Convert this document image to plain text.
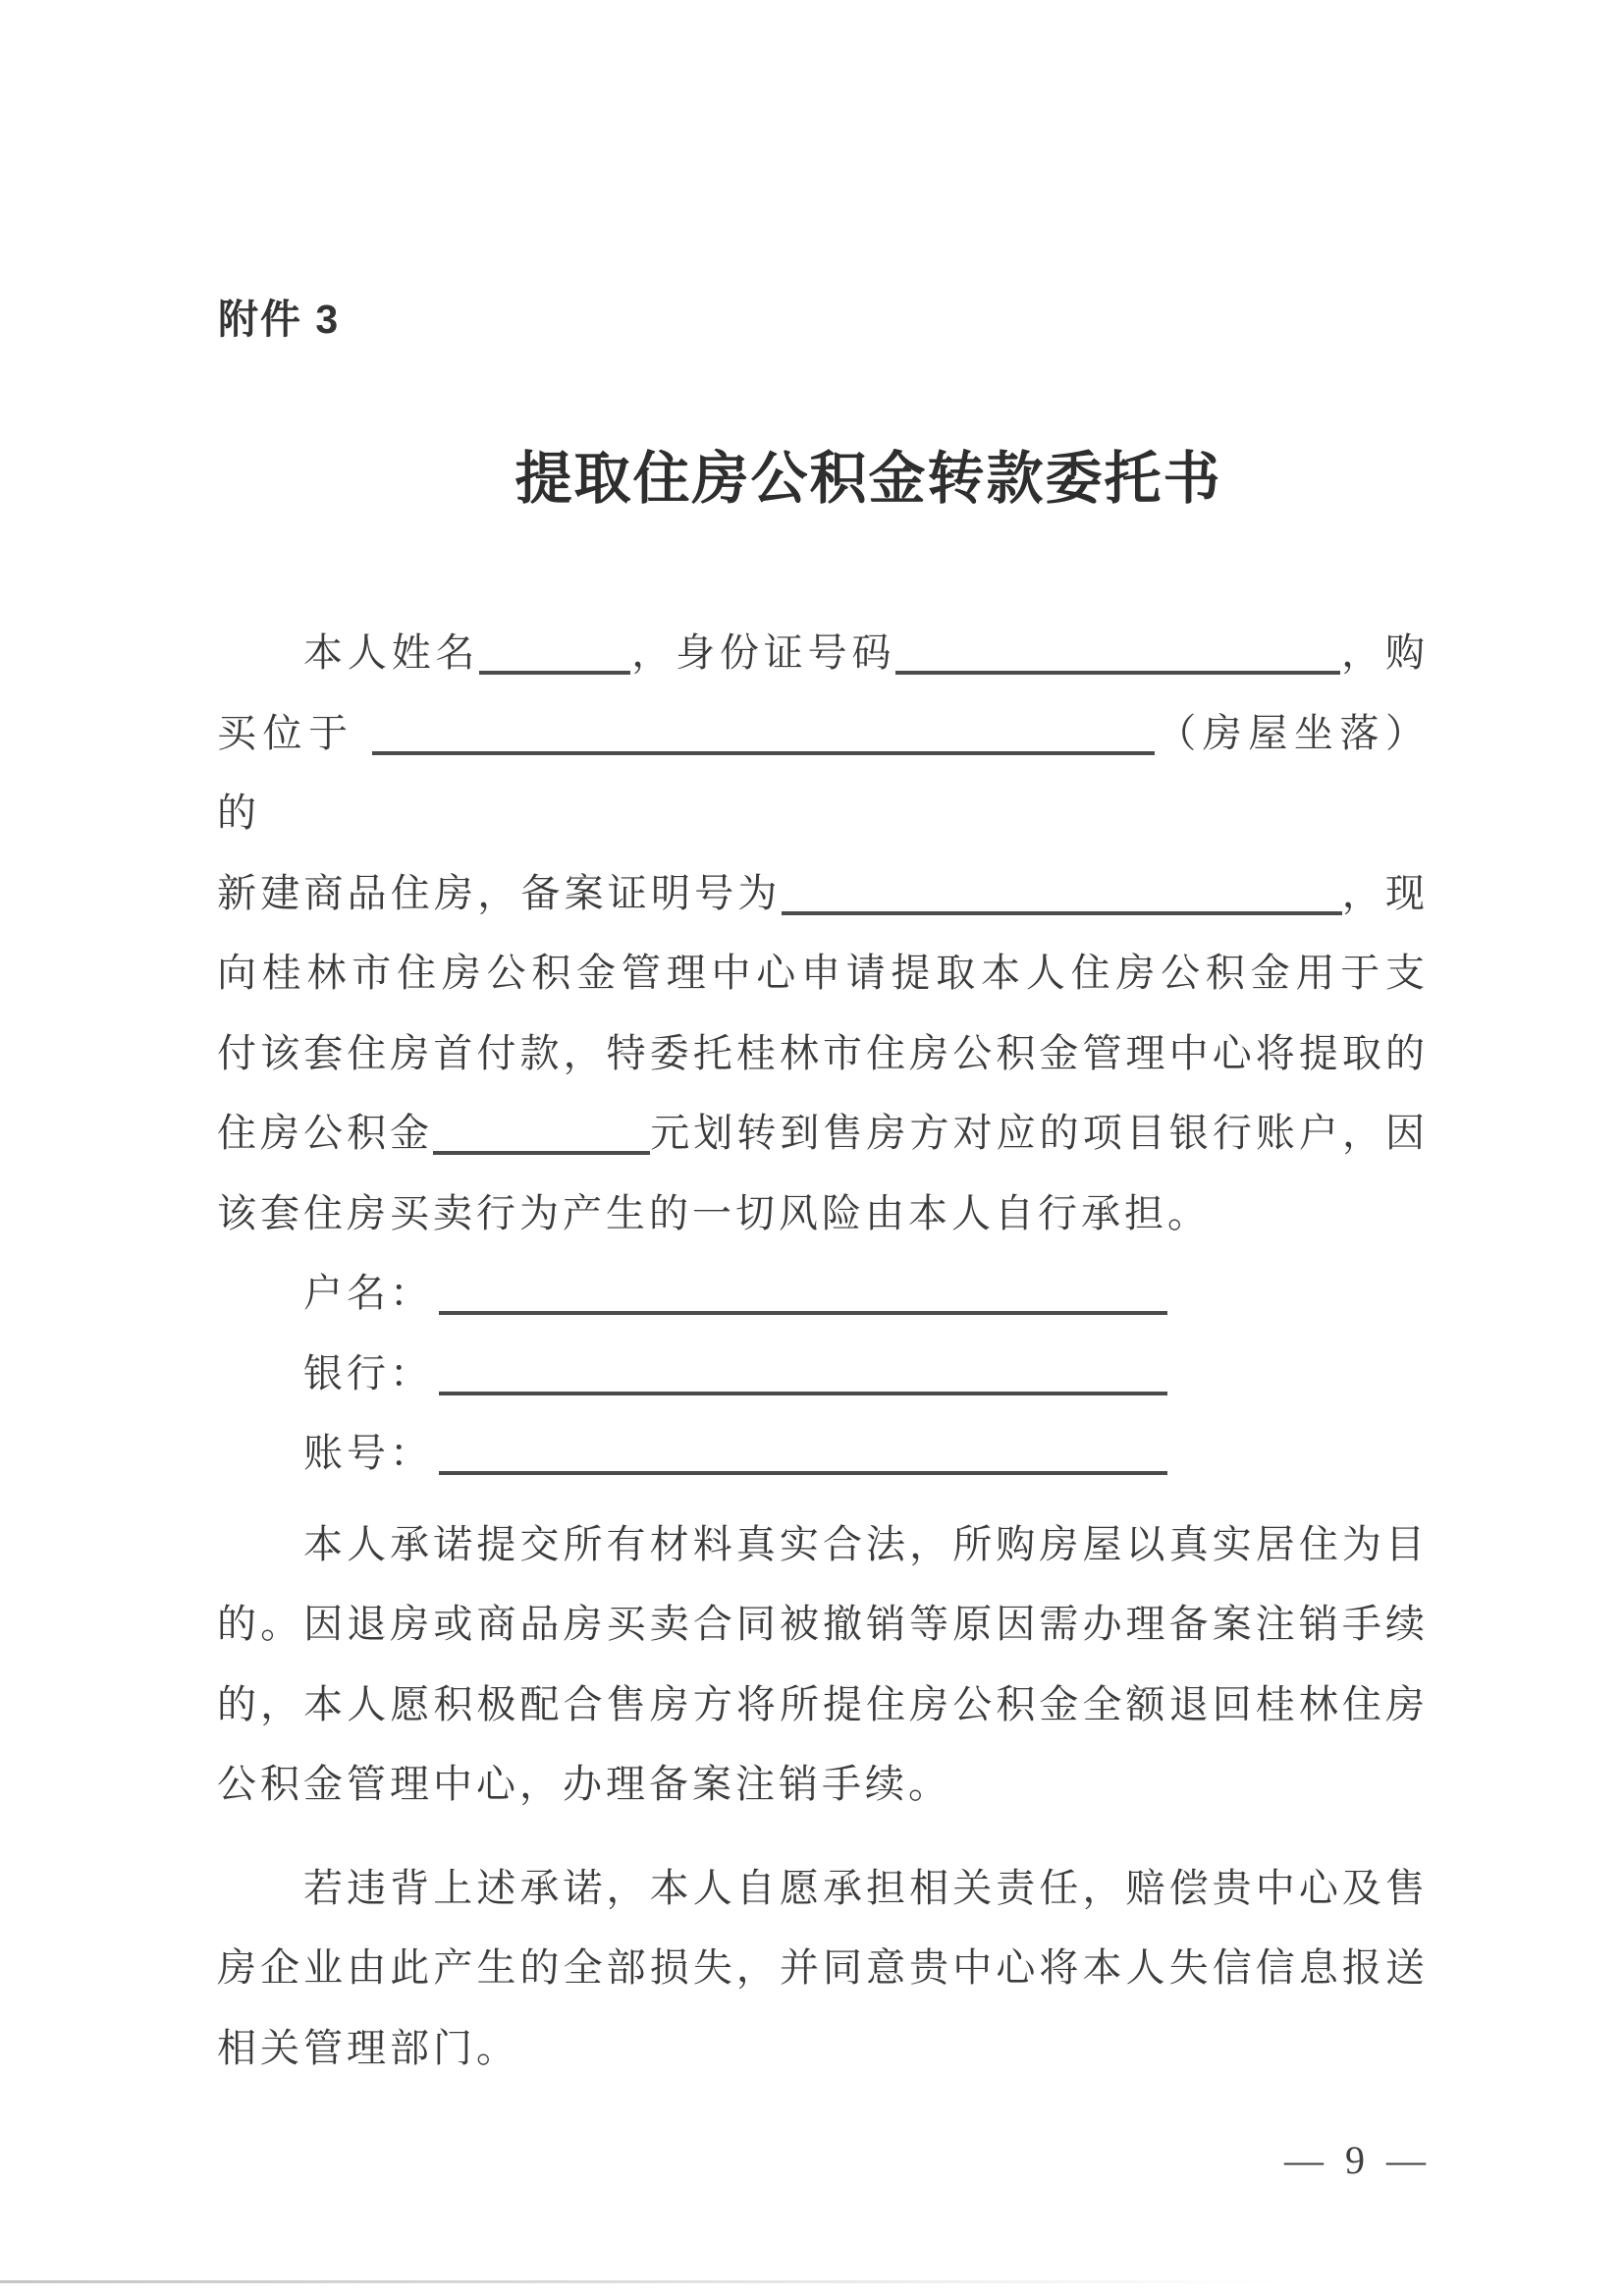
附件 3
提取住房公积金转款委托书
本人姓名	，身份证号码	，购
买位于	（房屋坐落）的
新建商品住房，备案证明号为	，现
向桂林市住房公积金管理中心申请提取本人住房公积金用于支
付该套住房首付款，特委托桂林市住房公积金管理中心将提取的
住房公积金	元划转到售房方对应的项目银行账户，因
该套住房买卖行为产生的一切风险由本人自行承担。
户名：
银行：
账号：
本人承诺提交所有材料真实合法，所购房屋以真实居住为目
的。因退房或商品房买卖合同被撤销等原因需办理备案注销手续
的，本人愿积极配合售房方将所提住房公积金全额退回桂林住房
公积金管理中心，办理备案注销手续。
若违背上述承诺，本人自愿承担相关责任，赔偿贵中心及售
房企业由此产生的全部损失，并同意贵中心将本人失信信息报送
相关管理部门。
— 9 —
